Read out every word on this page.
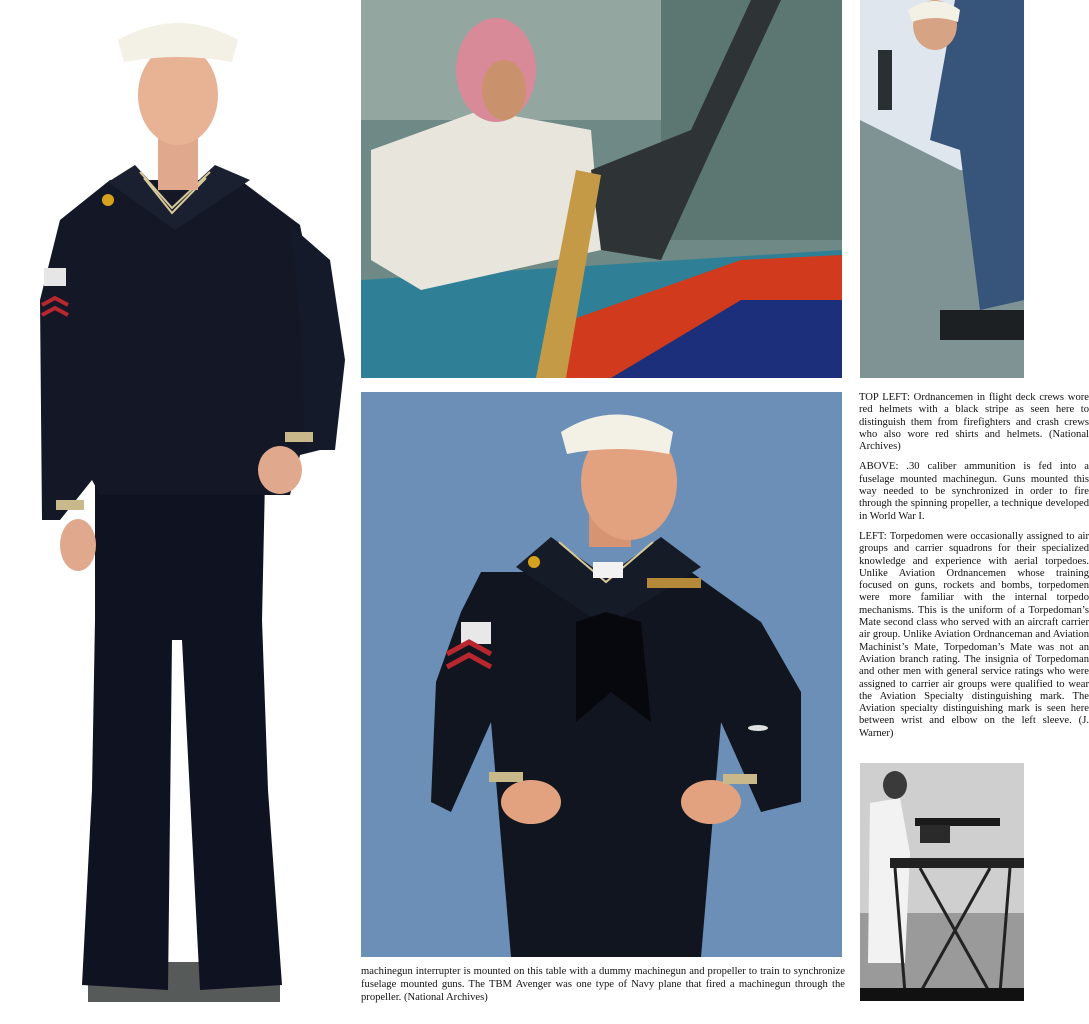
TOP LEFT: Ordnancemen in flight deck crews wore red helmets with a black stripe as seen here to distinguish them from firefighters and crash crews who also wore red shirts and helmets. (National Archives)

ABOVE: .30 caliber ammunition is fed into a fuselage mounted machinegun. Guns mounted this way needed to be synchronized in order to fire through the spinning propeller, a technique developed in World War I.

LEFT: Torpedomen were occasionally assigned to air groups and carrier squadrons for their specialized knowledge and experience with aerial torpedoes. Unlike Aviation Ordnancemen whose training focused on guns, rockets and bombs, torpedomen were more familiar with the internal torpedo mechanisms. This is the uniform of a Torpedoman’s Mate second class who served with an aircraft carrier air group. Unlike Aviation Ordnanceman and Aviation Machinist’s Mate, Torpedoman’s Mate was not an Aviation branch rating. The insignia of Torpedoman and other men with general service ratings who were assigned to carrier air groups were qualified to wear the Aviation Specialty distinguishing mark. The Aviation specialty distinguishing mark is seen here between wrist and elbow on the left sleeve. (J. Warner)

machinegun interrupter is mounted on this table with a dummy machinegun and propeller to train to synchronize fuselage mounted guns. The TBM Avenger was one type of Navy plane that fired a machinegun through the propeller. (National Archives)
